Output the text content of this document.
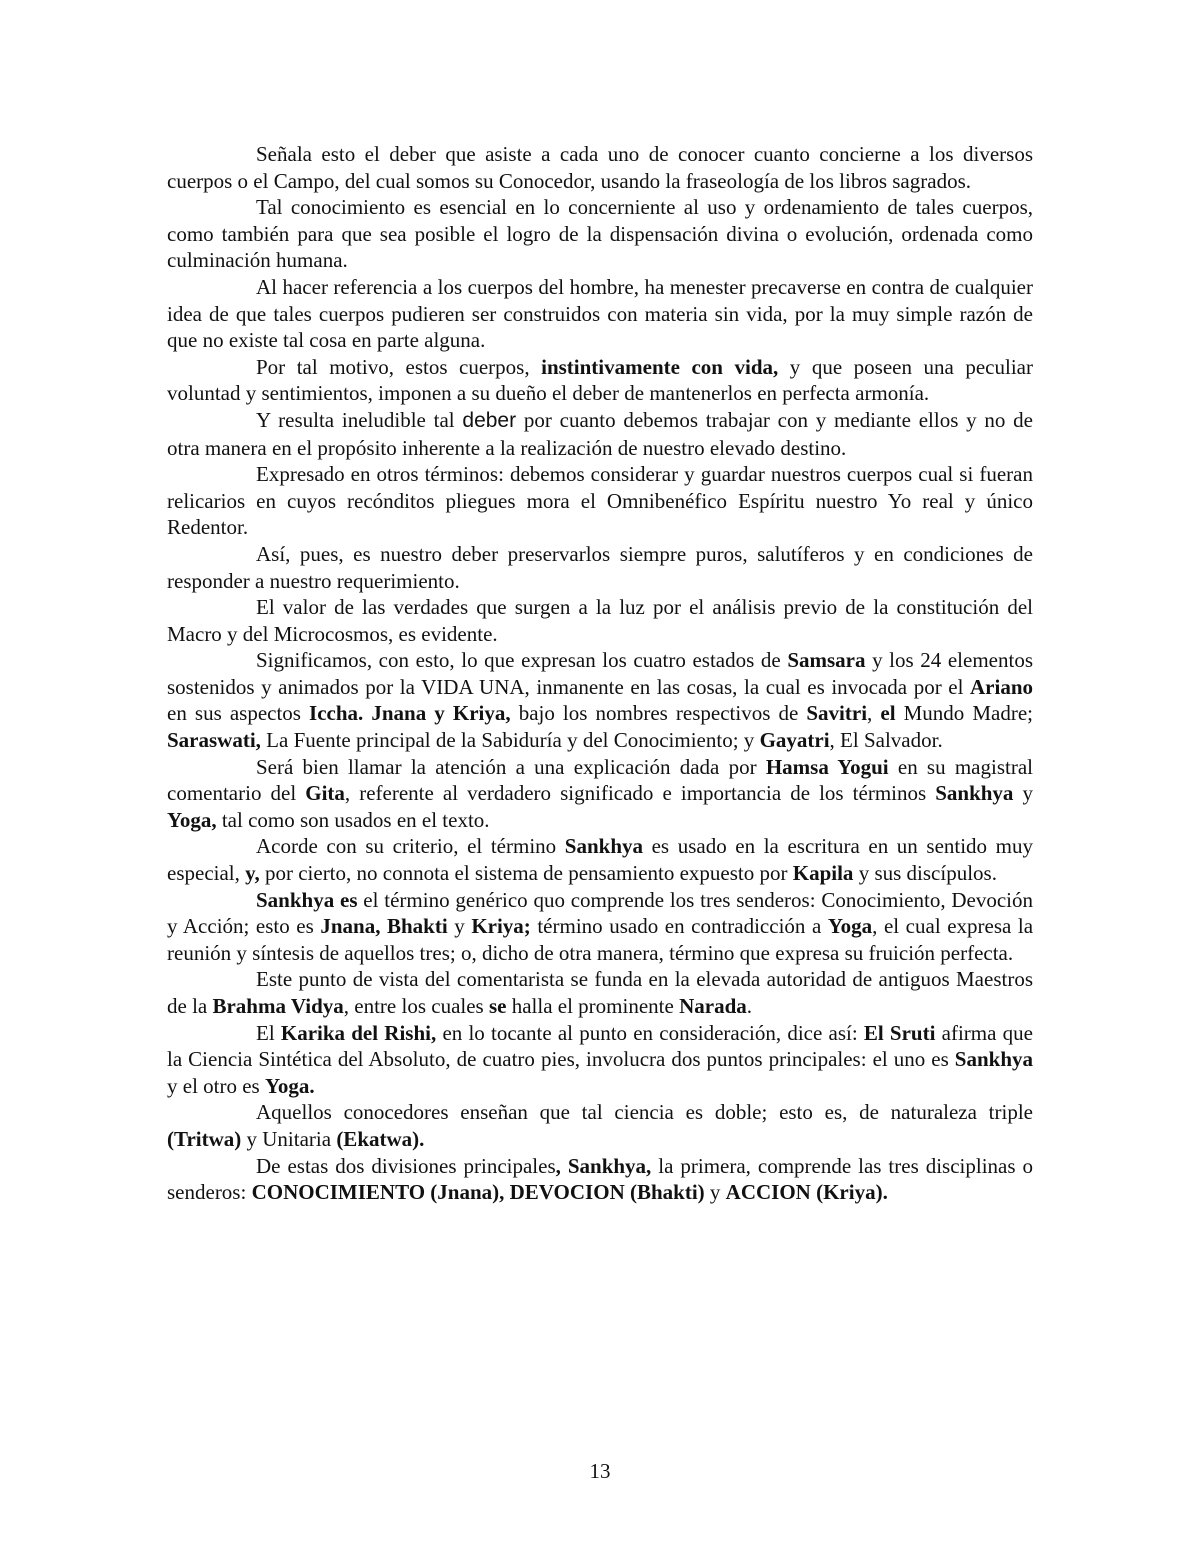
Señala esto el deber que asiste a cada uno de conocer cuanto concierne a los diversos cuerpos o el Campo, del cual somos su Conocedor, usando la fraseología de los libros sagrados.

Tal conocimiento es esencial en lo concerniente al uso y ordenamiento de tales cuerpos, como también para que sea posible el logro de la dispensación divina o evolución, ordenada como culminación humana.

Al hacer referencia a los cuerpos del hombre, ha menester precaverse en contra de cualquier idea de que tales cuerpos pudieren ser construidos con materia sin vida, por la muy simple razón de que no existe tal cosa en parte alguna.

Por tal motivo, estos cuerpos, instintivamente con vida, y que poseen una peculiar voluntad y sentimientos, imponen a su dueño el deber de mantenerlos en perfecta armonía.

Y resulta ineludible tal deber por cuanto debemos trabajar con y mediante ellos y no de otra manera en el propósito inherente a la realización de nuestro elevado destino.

Expresado en otros términos: debemos considerar y guardar nuestros cuerpos cual si fueran relicarios en cuyos recónditos pliegues mora el Omnibenéfico Espíritu nuestro Yo real y único Redentor.

Así, pues, es nuestro deber preservarlos siempre puros, salutíferos y en condiciones de responder a nuestro requerimiento.

El valor de las verdades que surgen a la luz por el análisis previo de la constitución del Macro y del Microcosmos, es evidente.

Significamos, con esto, lo que expresan los cuatro estados de Samsara y los 24 elementos sostenidos y animados por la VIDA UNA, inmanente en las cosas, la cual es invocada por el Ariano en sus aspectos Iccha. Jnana y Kriya, bajo los nombres respectivos de Savitri, el Mundo Madre; Saraswati, La Fuente principal de la Sabiduría y del Conocimiento; y Gayatri, El Salvador.

Será bien llamar la atención a una explicación dada por Hamsa Yogui en su magistral comentario del Gita, referente al verdadero significado e importancia de los términos Sankhya y Yoga, tal como son usados en el texto.

Acorde con su criterio, el término Sankhya es usado en la escritura en un sentido muy especial, y, por cierto, no connota el sistema de pensamiento expuesto por Kapila y sus discípulos.

Sankhya es el término genérico quo comprende los tres senderos: Conocimiento, Devoción y Acción; esto es Jnana, Bhakti y Kriya; término usado en contradicción a Yoga, el cual expresa la reunión y síntesis de aquellos tres; o, dicho de otra manera, término que expresa su fruición perfecta.

Este punto de vista del comentarista se funda en la elevada autoridad de antiguos Maestros de la Brahma Vidya, entre los cuales se halla el prominente Narada.

El Karika del Rishi, en lo tocante al punto en consideración, dice así: El Sruti afirma que la Ciencia Sintética del Absoluto, de cuatro pies, involucra dos puntos principales: el uno es Sankhya y el otro es Yoga.

Aquellos conocedores enseñan que tal ciencia es doble; esto es, de naturaleza triple (Tritwa) y Unitaria (Ekatwa).

De estas dos divisiones principales, Sankhya, la primera, comprende las tres disciplinas o senderos: CONOCIMIENTO (Jnana), DEVOCION (Bhakti) y ACCION (Kriya).

13
